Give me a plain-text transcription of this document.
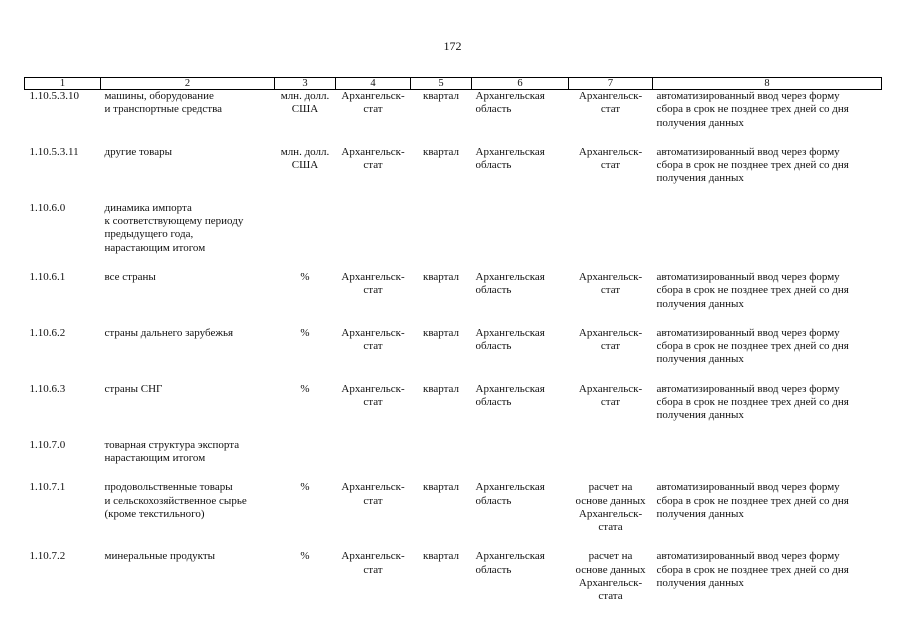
172
1	2	3	4	5	6	7	8

1.10.5.3.10	машины, оборудование
и транспортные средства	млн. долл.
США	Архангельск-
стат	квартал	Архангельская
область	Архангельск-
стат	автоматизированный ввод через форму
сбора в срок не позднее трех дней со дня
получения данных

1.10.5.3.11	другие товары	млн. долл.
США	Архангельск-
стат	квартал	Архангельская
область	Архангельск-
стат	автоматизированный ввод через форму
сбора в срок не позднее трех дней со дня
получения данных

1.10.6.0	динамика импорта
к соответствующему периоду
предыдущего года,
нарастающим итогом						

1.10.6.1	все страны	%	Архангельск-
стат	квартал	Архангельская
область	Архангельск-
стат	автоматизированный ввод через форму
сбора в срок не позднее трех дней со дня
получения данных

1.10.6.2	страны дальнего зарубежья	%	Архангельск-
стат	квартал	Архангельская
область	Архангельск-
стат	автоматизированный ввод через форму
сбора в срок не позднее трех дней со дня
получения данных

1.10.6.3	страны СНГ	%	Архангельск-
стат	квартал	Архангельская
область	Архангельск-
стат	автоматизированный ввод через форму
сбора в срок не позднее трех дней со дня
получения данных

1.10.7.0	товарная структура экспорта
нарастающим итогом						

1.10.7.1	продовольственные товары
и сельскохозяйственное сырье
(кроме текстильного)	%	Архангельск-
стат	квартал	Архангельская
область	расчет на
основе данных
Архангельск-
стата	автоматизированный ввод через форму
сбора в срок не позднее трех дней со дня
получения данных

1.10.7.2	минеральные продукты	%	Архангельск-
стат	квартал	Архангельская
область	расчет на
основе данных
Архангельск-
стата	автоматизированный ввод через форму
сбора в срок не позднее трех дней со дня
получения данных
